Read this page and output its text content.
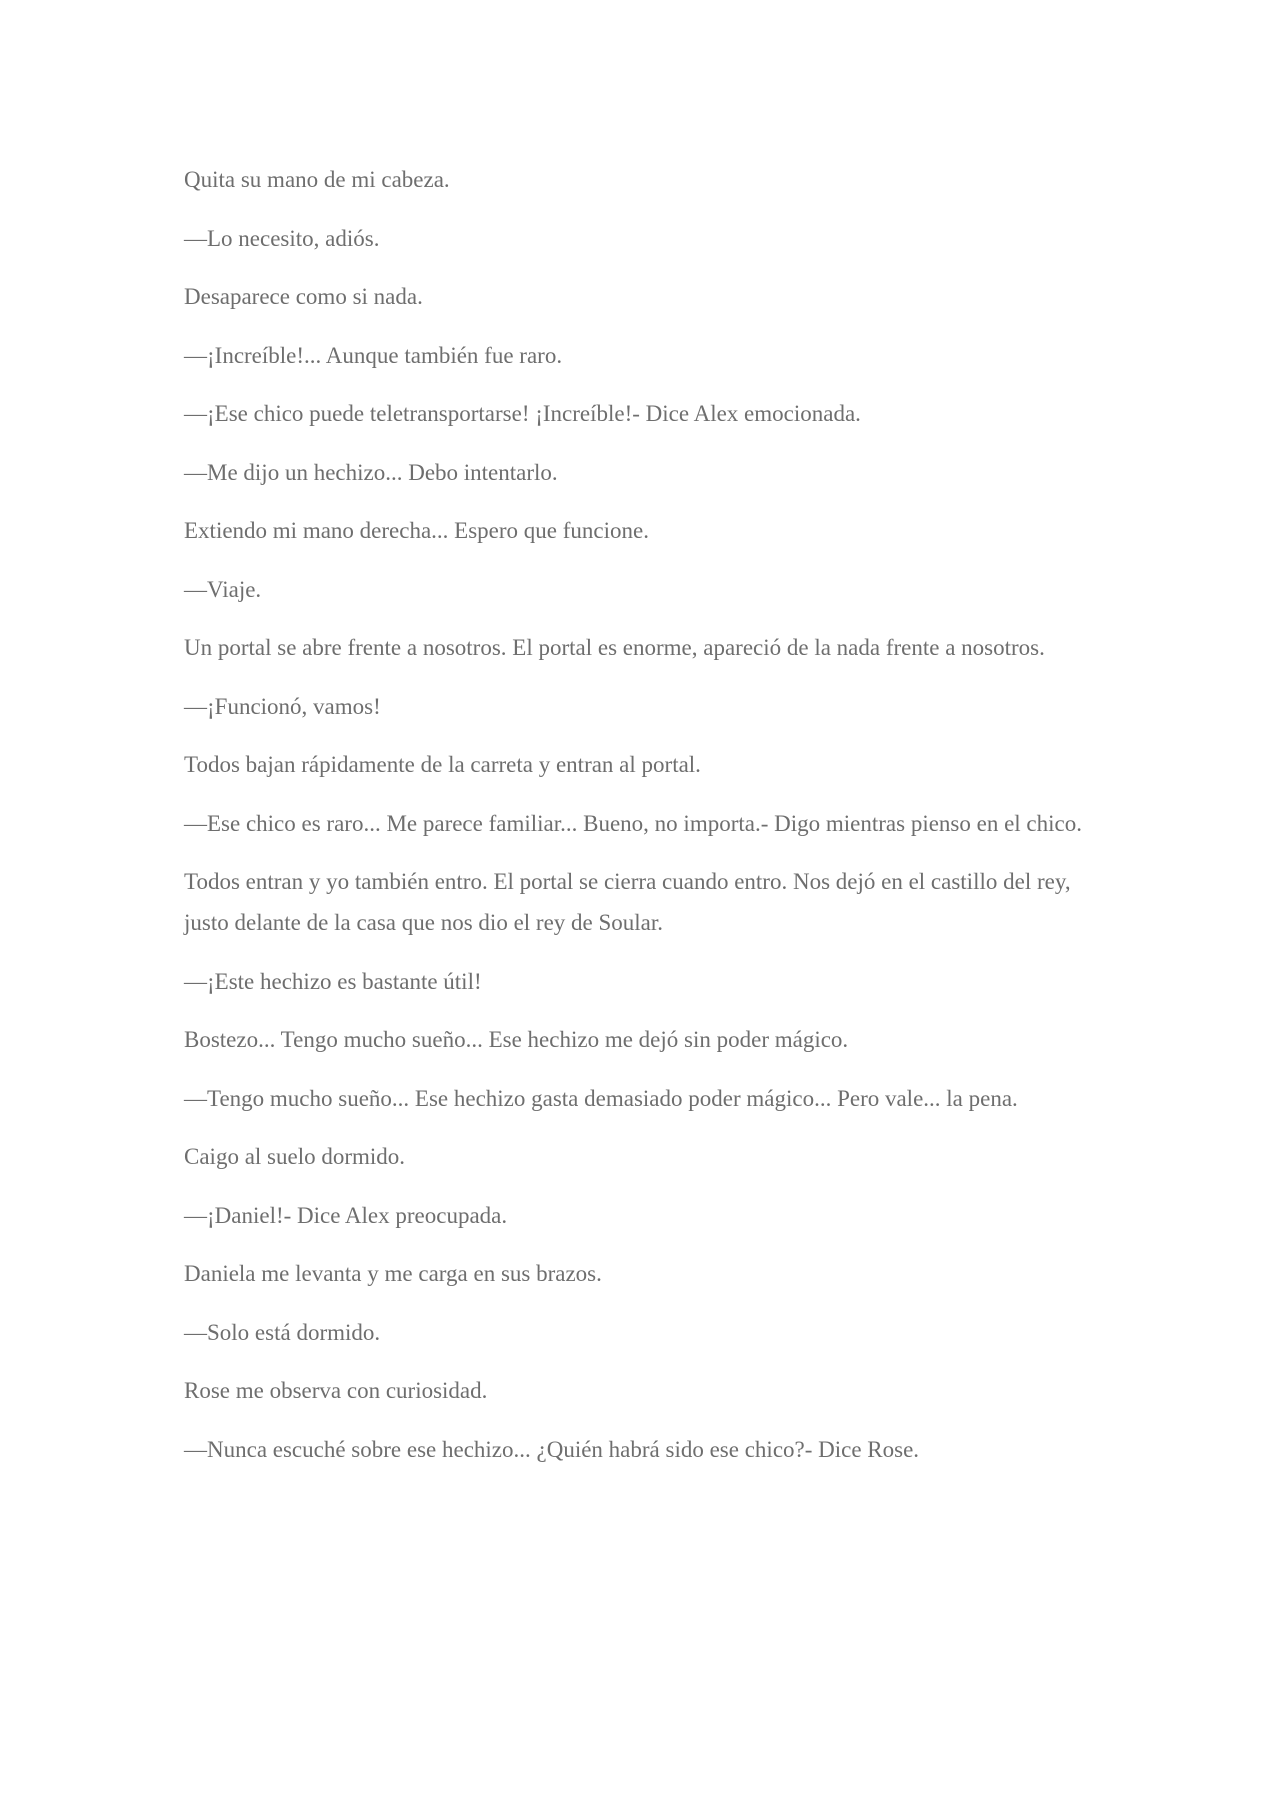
Quita su mano de mi cabeza.

—Lo necesito, adiós.

Desaparece como si nada.

—¡Increíble!... Aunque también fue raro.

—¡Ese chico puede teletransportarse! ¡Increíble!- Dice Alex emocionada.

—Me dijo un hechizo... Debo intentarlo.

Extiendo mi mano derecha... Espero que funcione.

—Viaje.

Un portal se abre frente a nosotros. El portal es enorme, apareció de la nada frente a nosotros.

—¡Funcionó, vamos!

Todos bajan rápidamente de la carreta y entran al portal.

—Ese chico es raro... Me parece familiar... Bueno, no importa.- Digo mientras pienso en el chico.

Todos entran y yo también entro. El portal se cierra cuando entro. Nos dejó en el castillo del rey, justo delante de la casa que nos dio el rey de Soular.

—¡Este hechizo es bastante útil!

Bostezo... Tengo mucho sueño... Ese hechizo me dejó sin poder mágico.

—Tengo mucho sueño... Ese hechizo gasta demasiado poder mágico... Pero vale... la pena.

Caigo al suelo dormido.

—¡Daniel!- Dice Alex preocupada.

Daniela me levanta y me carga en sus brazos.

—Solo está dormido.

Rose me observa con curiosidad.

—Nunca escuché sobre ese hechizo... ¿Quién habrá sido ese chico?- Dice Rose.
